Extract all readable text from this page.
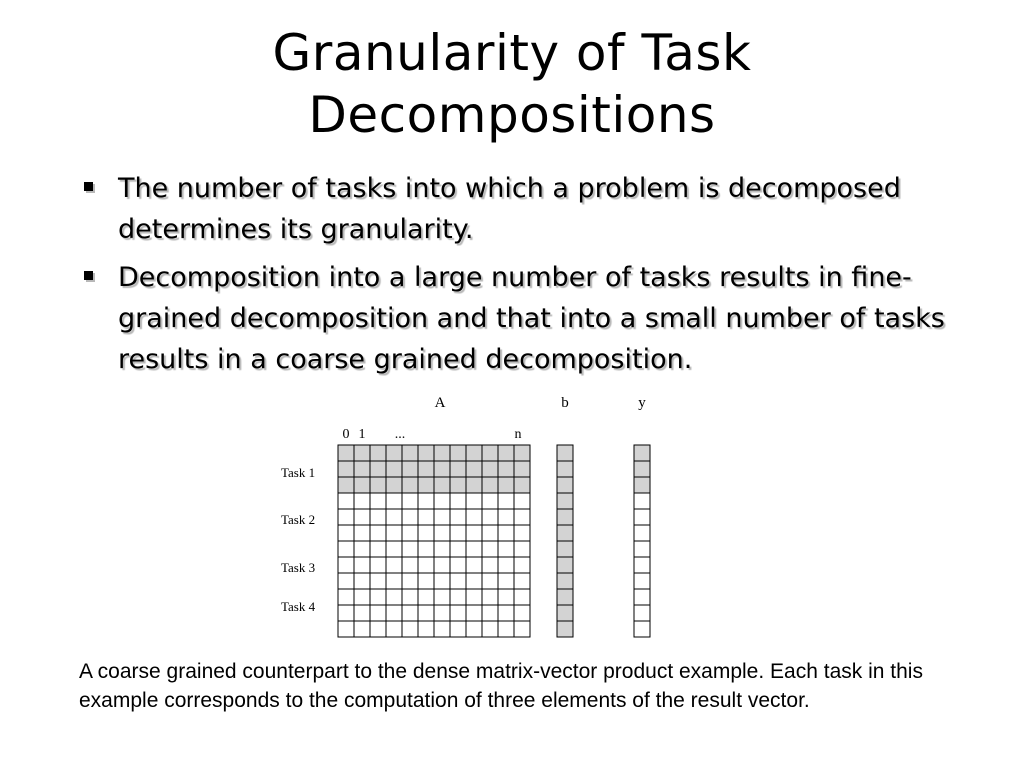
Granularity of Task
Decompositions
The number of tasks into which a problem is decomposed determines its granularity.
Decomposition into a large number of tasks results in fine-grained decomposition and that into a small number of tasks results in a coarse grained decomposition.
A	b	y
0 1 ...	n
Task 1
Task 2
Task 3
Task 4
A coarse grained counterpart to the dense matrix-vector product example. Each task in this example corresponds to the computation of three elements of the result vector.
